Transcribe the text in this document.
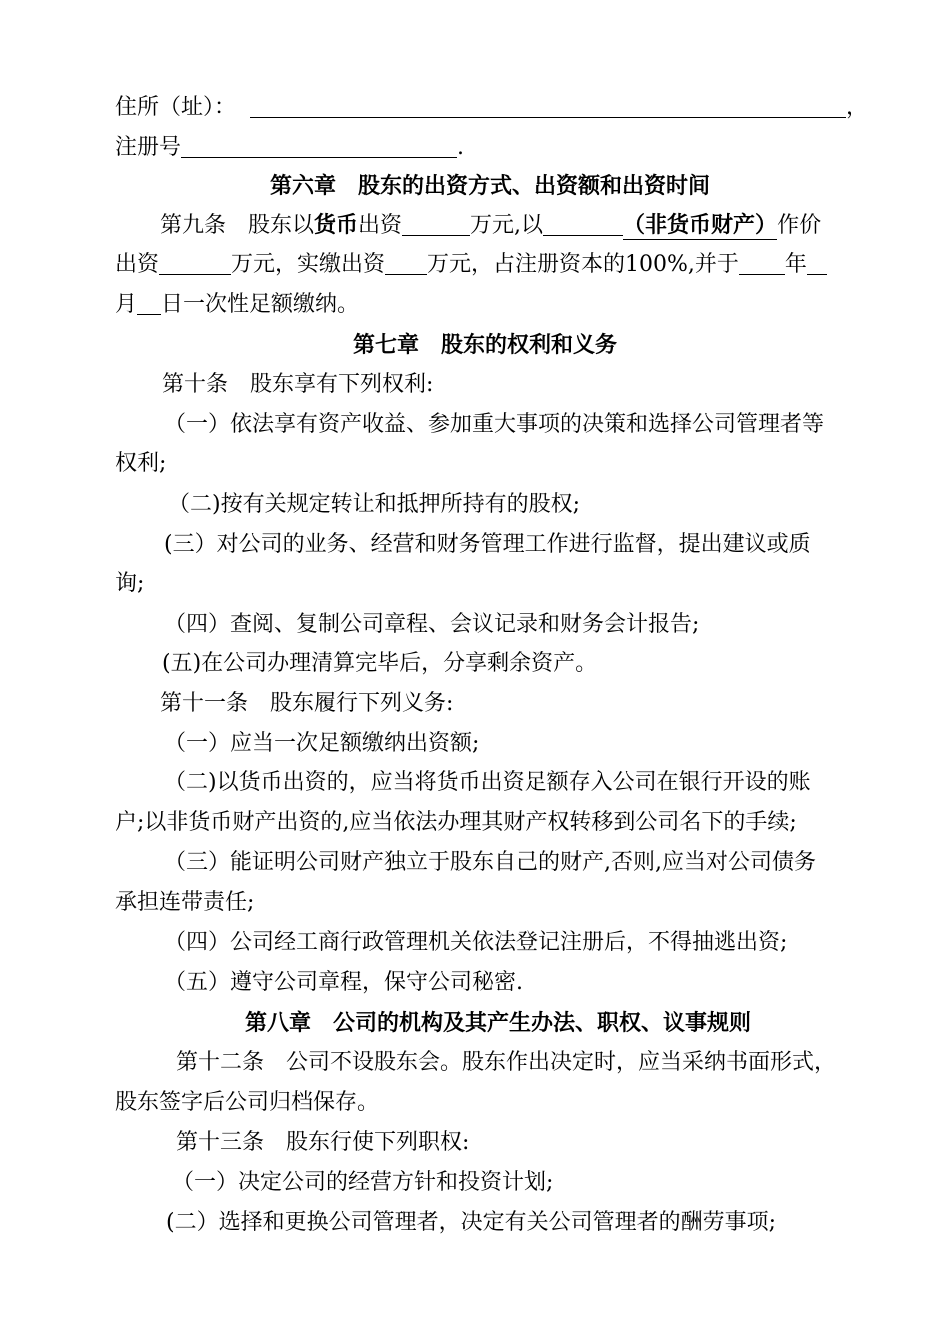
住所（址）：	，
注册号	.
第六章　股东的出资方式、出资额和出资时间
第九条　股东以货币出资	万元,以	（非货币财产）作价
出资	万元，实缴出资 万元，占注册资本的100%,并于 年
月 日一次性足额缴纳。
第七章　股东的权利和义务
第十条　股东享有下列权利:
（一）依法享有资产收益、参加重大事项的决策和选择公司管理者等
权利;
（二)按有关规定转让和抵押所持有的股权;
(三）对公司的业务、经营和财务管理工作进行监督，提出建议或质
询;
（四）查阅、复制公司章程、会议记录和财务会计报告;
(五)在公司办理清算完毕后，分享剩余资产。
第十一条　股东履行下列义务:
（一）应当一次足额缴纳出资额;
（二)以货币出资的，应当将货币出资足额存入公司在银行开设的账
户;以非货币财产出资的,应当依法办理其财产权转移到公司名下的手续;
（三）能证明公司财产独立于股东自己的财产,否则,应当对公司债务
承担连带责任;
（四）公司经工商行政管理机关依法登记注册后，不得抽逃出资;
（五）遵守公司章程，保守公司秘密.
第八章　公司的机构及其产生办法、职权、议事规则
第十二条　公司不设股东会。股东作出决定时，应当采纳书面形式，
股东签字后公司归档保存。
第十三条　股东行使下列职权:
（一）决定公司的经营方针和投资计划;
(二）选择和更换公司管理者，决定有关公司管理者的酬劳事项;
